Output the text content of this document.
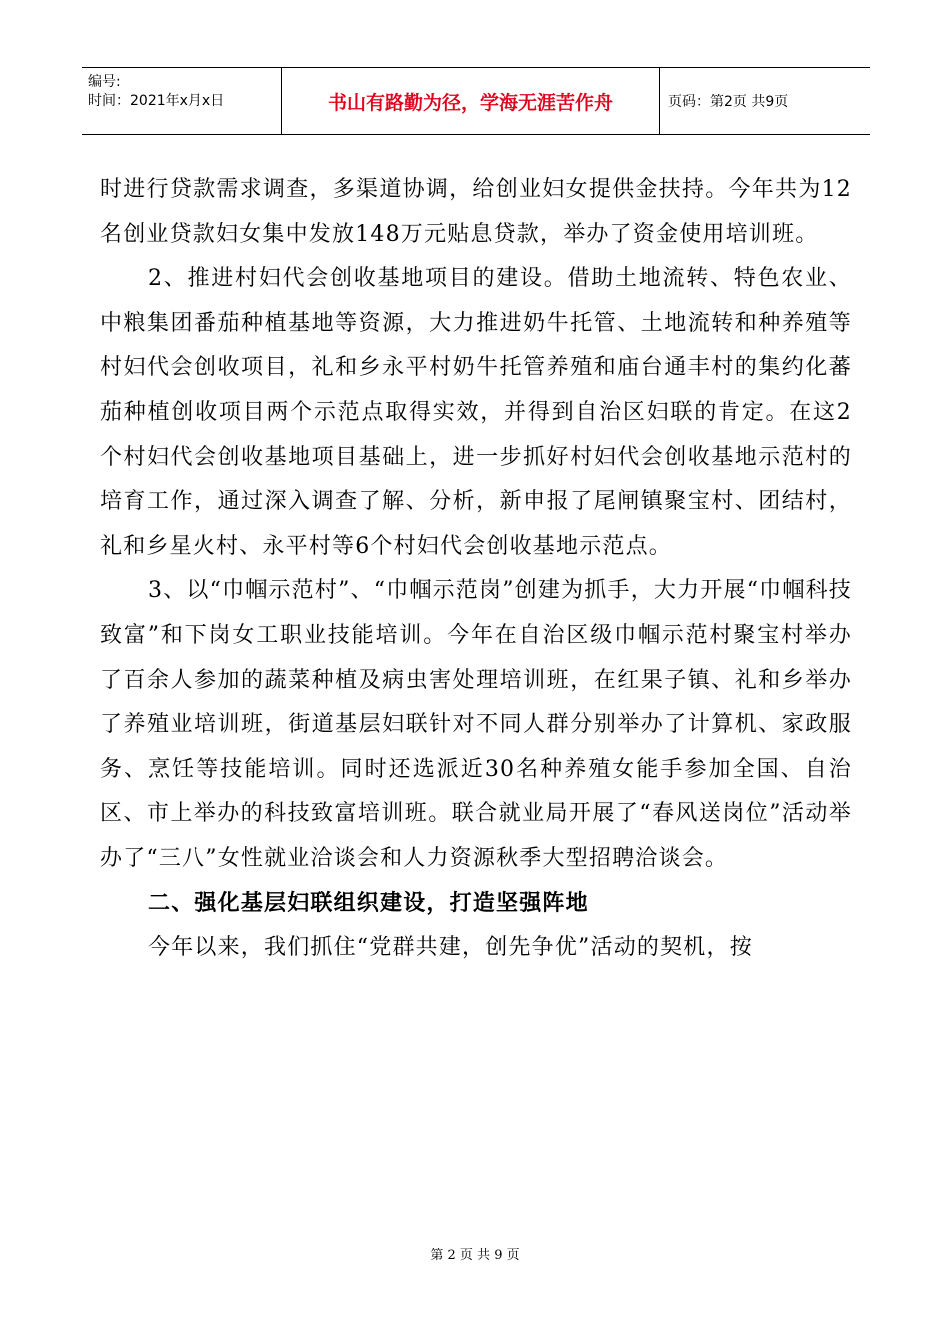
编号:
时间：2021年x月x日	书山有路勤为径，学海无涯苦作舟	页码：第2页 共9页

时进行贷款需求调查，多渠道协调，给创业妇女提供金扶持。今年共为12名创业贷款妇女集中发放148万元贴息贷款，举办了资金使用培训班。

2、推进村妇代会创收基地项目的建设。借助土地流转、特色农业、中粮集团番茄种植基地等资源，大力推进奶牛托管、土地流转和种养殖等村妇代会创收项目，礼和乡永平村奶牛托管养殖和庙台通丰村的集约化蕃茄种植创收项目两个示范点取得实效，并得到自治区妇联的肯定。在这2个村妇代会创收基地项目基础上，进一步抓好村妇代会创收基地示范村的培育工作，通过深入调查了解、分析，新申报了尾闸镇聚宝村、团结村，礼和乡星火村、永平村等6个村妇代会创收基地示范点。

3、以“巾帼示范村”、“巾帼示范岗”创建为抓手，大力开展“巾帼科技致富”和下岗女工职业技能培训。今年在自治区级巾帼示范村聚宝村举办了百余人参加的蔬菜种植及病虫害处理培训班，在红果子镇、礼和乡举办了养殖业培训班，街道基层妇联针对不同人群分别举办了计算机、家政服务、烹饪等技能培训。同时还选派近30名种养殖女能手参加全国、自治区、市上举办的科技致富培训班。联合就业局开展了“春风送岗位”活动举办了“三八”女性就业洽谈会和人力资源秋季大型招聘洽谈会。

二、强化基层妇联组织建设，打造坚强阵地

今年以来，我们抓住“党群共建，创先争优”活动的契机，按

第 2 页 共 9 页
